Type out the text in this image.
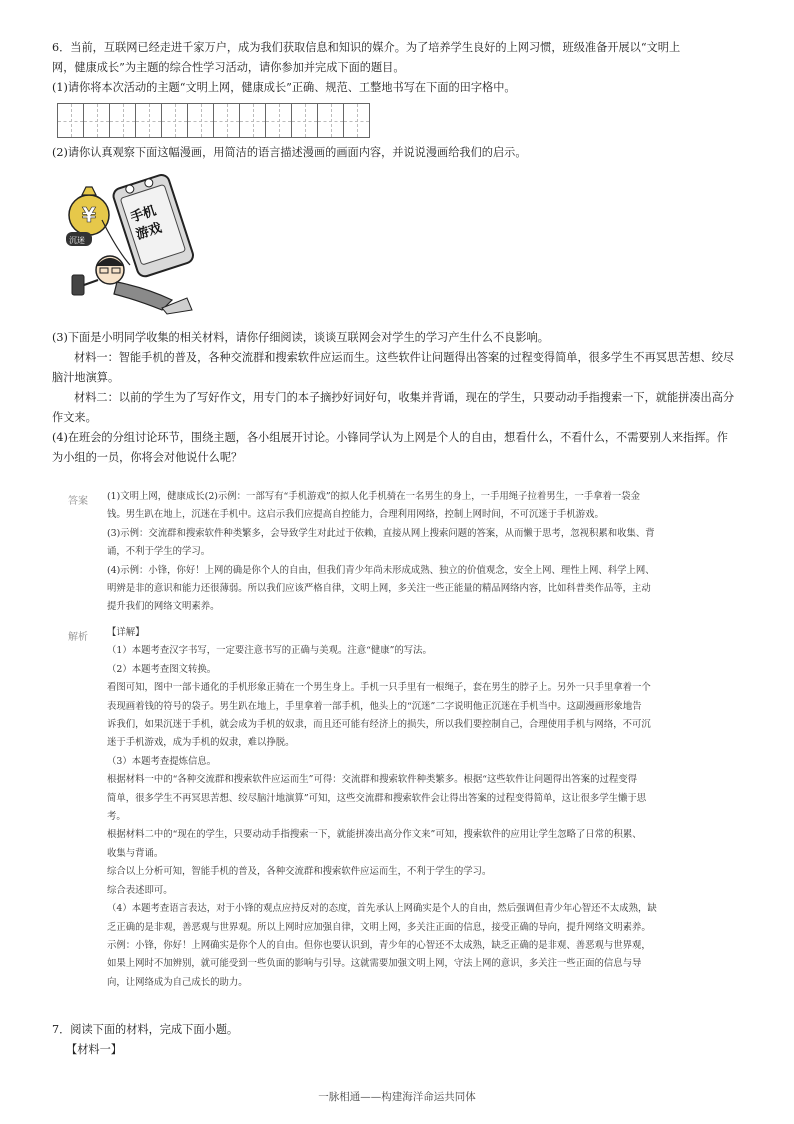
6．当前，互联网已经走进千家万户，成为我们获取信息和知识的媒介。为了培养学生良好的上网习惯，班级准备开展以“文明上
网，健康成长”为主题的综合性学习活动，请你参加并完成下面的题目。
(1)请你将本次活动的主题“文明上网，健康成长”正确、规范、工整地书写在下面的田字格中。
(2)请你认真观察下面这幅漫画，用简洁的语言描述漫画的画面内容，并说说漫画给我们的启示。
¥	手机
游戏
沉迷
(3)下面是小明同学收集的相关材料，请你仔细阅读，谈谈互联网会对学生的学习产生什么不良影响。
材料一：智能手机的普及，各种交流群和搜索软件应运而生。这些软件让问题得出答案的过程变得简单，很多学生不再冥思苦想、绞尽
脑汁地演算。
材料二：以前的学生为了写好作文，用专门的本子摘抄好词好句，收集并背诵，现在的学生，只要动动手指搜索一下，就能拼凑出高分
作文来。
(4)在班会的分组讨论环节，围绕主题，各小组展开讨论。小锋同学认为上网是个人的自由，想看什么，不看什么，不需要别人来指挥。作
为小组的一员，你将会对他说什么呢？
答案 (1)文明上网，健康成长(2)示例：一部写有“手机游戏”的拟人化手机骑在一名男生的身上，一手用绳子拉着男生，一手拿着一袋金
钱。男生趴在地上，沉迷在手机中。这启示我们应提高自控能力，合理利用网络，控制上网时间，不可沉迷于手机游戏。
(3)示例：交流群和搜索软件种类繁多，会导致学生对此过于依赖，直接从网上搜索问题的答案，从而懒于思考，忽视积累和收集、背
诵，不利于学生的学习。
(4)示例：小锋，你好！上网的确是你个人的自由，但我们青少年尚未形成成熟、独立的价值观念，安全上网、理性上网、科学上网、
明辨是非的意识和能力还很薄弱。所以我们应该严格自律，文明上网，多关注一些正能量的精品网络内容，比如科普类作品等，主动
提升我们的网络文明素养。
解析 【详解】
（1）本题考查汉字书写，一定要注意书写的正确与美观。注意“健康”的写法。
（2）本题考查图文转换。
看图可知，图中一部卡通化的手机形象正骑在一个男生身上。手机一只手里有一根绳子，套在男生的脖子上。另外一只手里拿着一个
表现画着钱的符号的袋子。男生趴在地上，手里拿着一部手机，他头上的“沉迷”二字说明他正沉迷在手机当中。这副漫画形象地告
诉我们，如果沉迷于手机，就会成为手机的奴隶，而且还可能有经济上的损失，所以我们要控制自己，合理使用手机与网络，不可沉
迷于手机游戏，成为手机的奴隶，难以挣脱。
（3）本题考查提炼信息。
根据材料一中的“各种交流群和搜索软件应运而生”可得：交流群和搜索软件种类繁多。根据“这些软件让问题得出答案的过程变得
简单，很多学生不再冥思苦想、绞尽脑汁地演算”可知，这些交流群和搜索软件会让得出答案的过程变得简单，这让很多学生懒于思
考。
根据材料二中的“现在的学生，只要动动手指搜索一下，就能拼凑出高分作文来”可知，搜索软件的应用让学生忽略了日常的积累、
收集与背诵。
综合以上分析可知，智能手机的普及，各种交流群和搜索软件应运而生，不利于学生的学习。
综合表述即可。
（4）本题考查语言表达，对于小锋的观点应持反对的态度，首先承认上网确实是个人的自由，然后强调但青少年心智还不太成熟，缺
乏正确的是非观，善恶观与世界观。所以上网时应加强自律，文明上网，多关注正面的信息，接受正确的导向，提升网络文明素养。
示例：小锋，你好！上网确实是你个人的自由。但你也要认识到，青少年的心智还不太成熟，缺乏正确的是非观、善恶观与世界观，
如果上网时不加辨别，就可能受到一些负面的影响与引导。这就需要加强文明上网，守法上网的意识，多关注一些正面的信息与导
向，让网络成为自己成长的助力。
7．阅读下面的材料，完成下面小题。
【材料一】
一脉相通——构建海洋命运共同体
